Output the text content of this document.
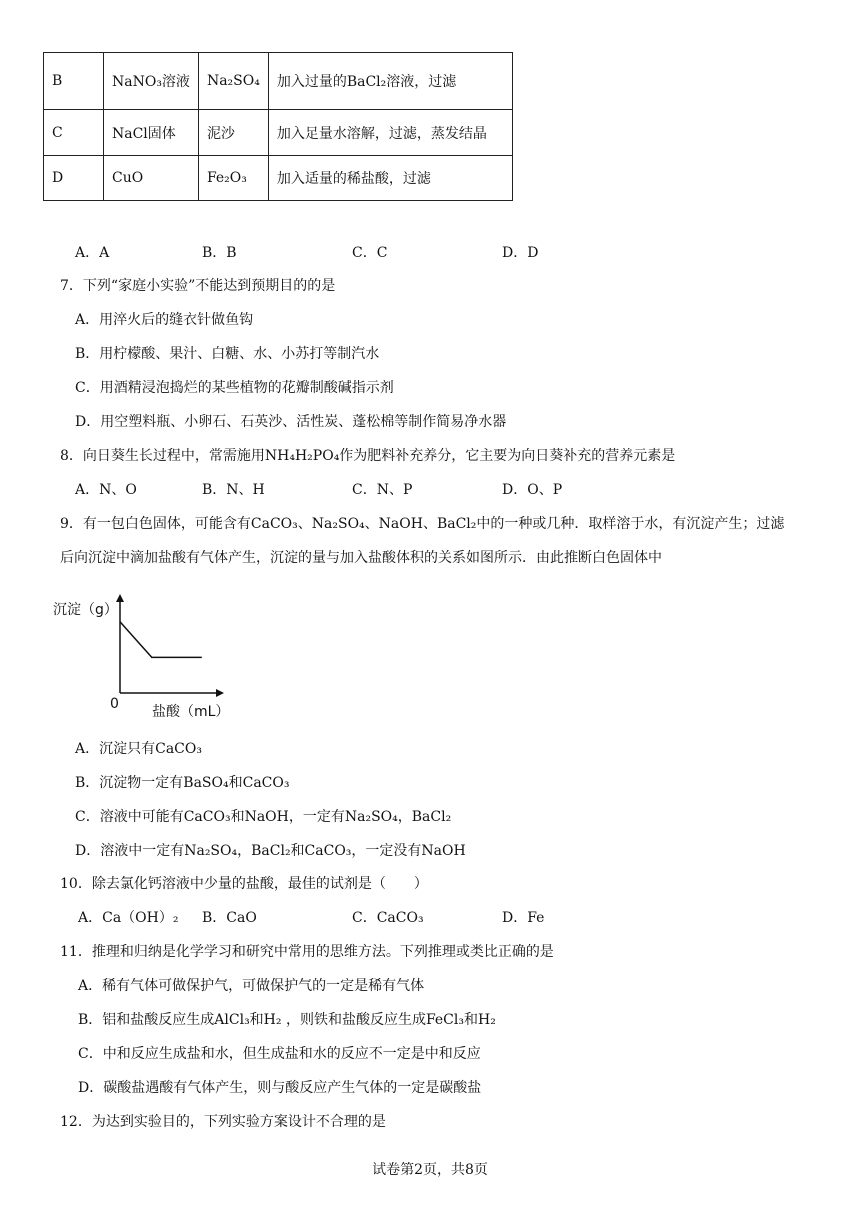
B	NaNO₃溶液	Na₂SO₄	加入过量的BaCl₂溶液，过滤
C	NaCl固体	泥沙	加入足量水溶解，过滤，蒸发结晶
D	CuO	Fe₂O₃	加入适量的稀盐酸，过滤
A．A	B．B	C．C	D．D
7．下列“家庭小实验”不能达到预期目的的是
A．用淬火后的缝衣针做鱼钩
B．用柠檬酸、果汁、白糖、水、小苏打等制汽水
C．用酒精浸泡捣烂的某些植物的花瓣制酸碱指示剂
D．用空塑料瓶、小卵石、石英沙、活性炭、蓬松棉等制作简易净水器
8．向日葵生长过程中，常需施用NH₄H₂PO₄作为肥料补充养分，它主要为向日葵补充的营养元素是
A．N、O	B．N、H	C．N、P	D．O、P
9．有一包白色固体，可能含有CaCO₃、Na₂SO₄、NaOH、BaCl₂中的一种或几种．取样溶于水，有沉淀产生；过滤
后向沉淀中滴加盐酸有气体产生，沉淀的量与加入盐酸体积的关系如图所示．由此推断白色固体中
沉淀（g）
0 盐酸（mL）
A．沉淀只有CaCO₃
B．沉淀物一定有BaSO₄和CaCO₃
C．溶液中可能有CaCO₃和NaOH，一定有Na₂SO₄，BaCl₂
D．溶液中一定有Na₂SO₄，BaCl₂和CaCO₃，一定没有NaOH
10．除去氯化钙溶液中少量的盐酸，最佳的试剂是（　　）
A．Ca（OH）₂ B．CaO	C．CaCO₃	D．Fe
11．推理和归纳是化学学习和研究中常用的思维方法。下列推理或类比正确的是
A．稀有气体可做保护气，可做保护气的一定是稀有气体
B．铝和盐酸反应生成AlCl₃和H₂ ，则铁和盐酸反应生成FeCl₃和H₂
C．中和反应生成盐和水，但生成盐和水的反应不一定是中和反应
D．碳酸盐遇酸有气体产生，则与酸反应产生气体的一定是碳酸盐
12．为达到实验目的，下列实验方案设计不合理的是
试卷第2页，共8页
